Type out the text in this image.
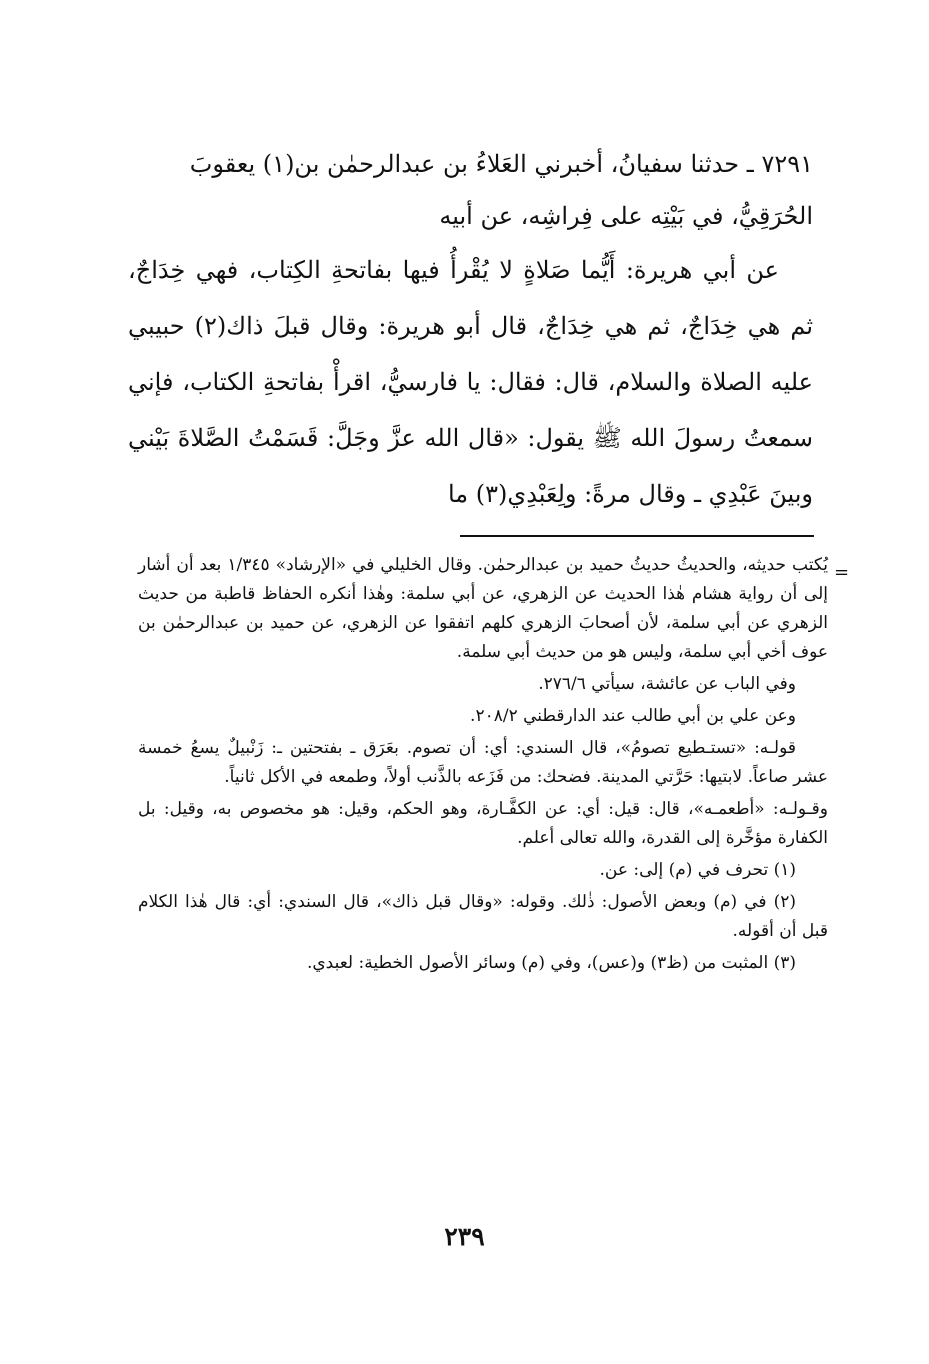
٧٢٩١ ـ حدثنا سفيانُ، أخبرني العَلاءُ بن عبدالرحمٰن بن(١) يعقوبَ

الحُرَقِيُّ، في بَيْتِه على فِراشِه، عن أبيه

عن أبي هريرة: أَيُّما صَلاةٍ لا يُقْرأُ فيها بفاتحةِ الكِتاب، فهي خِدَاجٌ، ثم هي خِدَاجٌ، ثم هي خِدَاجٌ، قال أبو هريرة: وقال قبلَ ذاك(٢) حبيبي عليه الصلاة والسلام، قال: فقال: يا فارسيُّ، اقرأْ بفاتحةِ الكتاب، فإني سمعتُ رسولَ الله ﷺ يقول: «قال الله عزَّ وجَلَّ: قَسَمْتُ الصَّلاةَ بَيْني وبينَ عَبْدِي ـ وقال مرةً: ولِعَبْدِي(٣) ما

=

يُكتب حديثه، والحديثُ حديثُ حميد بن عبدالرحمٰن. وقال الخليلي في «الإرشاد» ١/٣٤٥ بعد أن أشار إلى أن رواية هشام هٰذا الحديث عن الزهري، عن أبي سلمة: وهٰذا أنكره الحفاظ قاطبة من حديث الزهري عن أبي سلمة، لأن أصحابَ الزهري كلهم اتفقوا عن الزهري، عن حميد بن عبدالرحمٰن بن عوف أخي أبي سلمة، وليس هو من حديث أبي سلمة.

وفي الباب عن عائشة، سيأتي ٢٧٦/٦.

وعن علي بن أبي طالب عند الدارقطني ٢٠٨/٢.

قولـه: «تستـطيع تصومُ»، قال السندي: أي: أن تصوم. بعَرَق ـ بفتحتين ـ: زَنْبيلٌ يسعُ خمسة عشر صاعاً. لابتيها: حَرَّتي المدينة. فضحك: من فَزَعه بالذَّنب أولاً، وطمعه في الأكل ثانياً.

وقـولـه: «أطعمـه»، قال: قيل: أي: عن الكفَّـارة، وهو الحكم، وقيل: هو مخصوص به، وقيل: بل الكفارة مؤخَّرة إلى القدرة، والله تعالى أعلم.

(١) تحرف في (م) إلى: عن.

(٢) في (م) وبعض الأصول: ذٰلك. وقوله: «وقال قبل ذاك»، قال السندي: أي: قال هٰذا الكلام قبل أن أقوله.

(٣) المثبت من (ظ٣) و(عس)، وفي (م) وسائر الأصول الخطية: لعبدي.

٢٣٩
